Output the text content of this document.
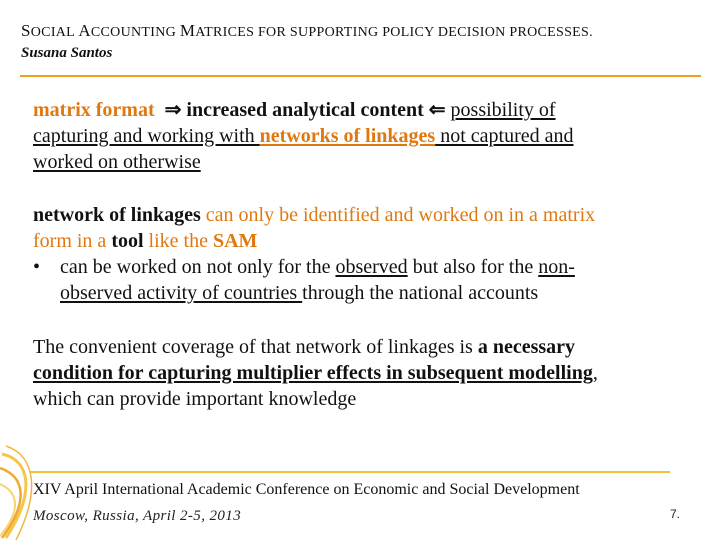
SOCIAL ACCOUNTING MATRICES FOR SUPPORTING POLICY DECISION PROCESSES.
Susana Santos
matrix format ⇒ increased analytical content ⇐ possibility of
capturing and working with networks of linkages not captured and
worked on otherwise
network of linkages can only be identified and worked on in a matrix
form in a tool like the SAM
• can be worked on not only for the observed but also for the non-
observed activity of countries through the national accounts
The convenient coverage of that network of linkages is a necessary
condition for capturing multiplier effects in subsequent modelling,
which can provide important knowledge
XIV April International Academic Conference on Economic and Social Development
Moscow, Russia, April 2-5, 2013	7.
